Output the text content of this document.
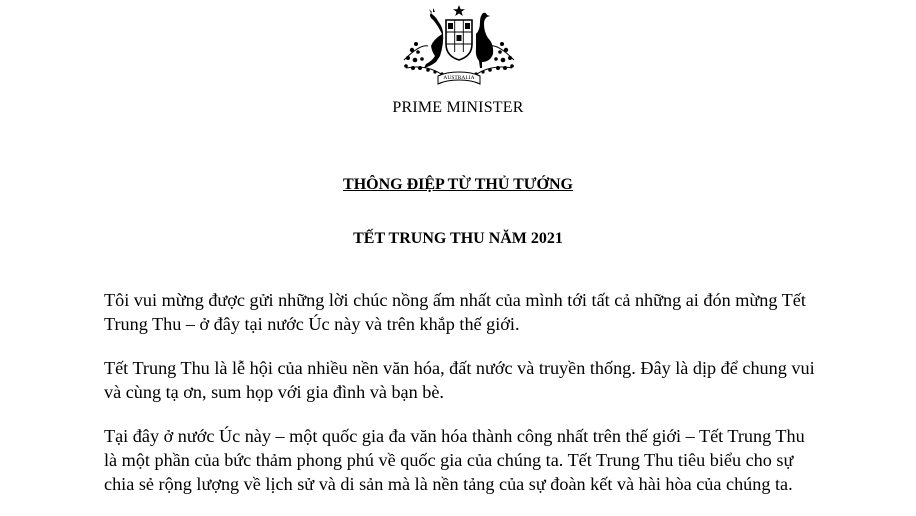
AUSTRALIA
PRIME MINISTER
THÔNG ĐIỆP TỪ THỦ TƯỚNG
TẾT TRUNG THU NĂM 2021

Tôi vui mừng được gửi những lời chúc nồng ấm nhất của mình tới tất cả những ai đón mừng Tết Trung Thu – ở đây tại nước Úc này và trên khắp thế giới.

Tết Trung Thu là lễ hội của nhiều nền văn hóa, đất nước và truyền thống. Đây là dịp để chung vui và cùng tạ ơn, sum họp với gia đình và bạn bè.

Tại đây ở nước Úc này – một quốc gia đa văn hóa thành công nhất trên thế giới – Tết Trung Thu là một phần của bức thảm phong phú về quốc gia của chúng ta. Tết Trung Thu tiêu biểu cho sự chia sẻ rộng lượng về lịch sử và di sản mà là nền tảng của sự đoàn kết và hài hòa của chúng ta.
